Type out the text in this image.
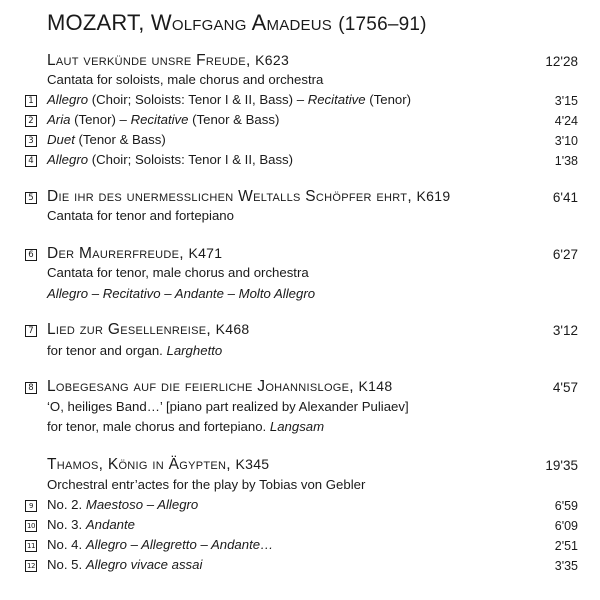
MOZART, Wolfgang Amadeus (1756–91)
Laut verkünde unsre Freude, K623	12'28
Cantata for soloists, male chorus and orchestra
1 Allegro (Choir; Soloists: Tenor I & II, Bass) – Recitative (Tenor)	3'15
2 Aria (Tenor) – Recitative (Tenor & Bass)	4'24
3 Duet (Tenor & Bass)	3'10
4 Allegro (Choir; Soloists: Tenor I & II, Bass)	1'38
5 Die ihr des unermesslichen Weltalls Schöpfer ehrt, K619	6'41
Cantata for tenor and fortepiano
6 Der Maurerfreude, K471	6'27
Cantata for tenor, male chorus and orchestra
Allegro – Recitativo – Andante – Molto Allegro
7 Lied zur Gesellenreise, K468	3'12
for tenor and organ. Larghetto
8 Lobegesang auf die feierliche Johannisloge, K148	4'57
‘O, heiliges Band…’ [piano part realized by Alexander Puliaev]
for tenor, male chorus and fortepiano. Langsam
Thamos, König in Ägypten, K345	19'35
Orchestral entr’actes for the play by Tobias von Gebler
9	No. 2. Maestoso – Allegro	6'59
10 No. 3. Andante	6'09
11 No. 4. Allegro – Allegretto – Andante…	2'51
12 No. 5. Allegro vivace assai	3'35
